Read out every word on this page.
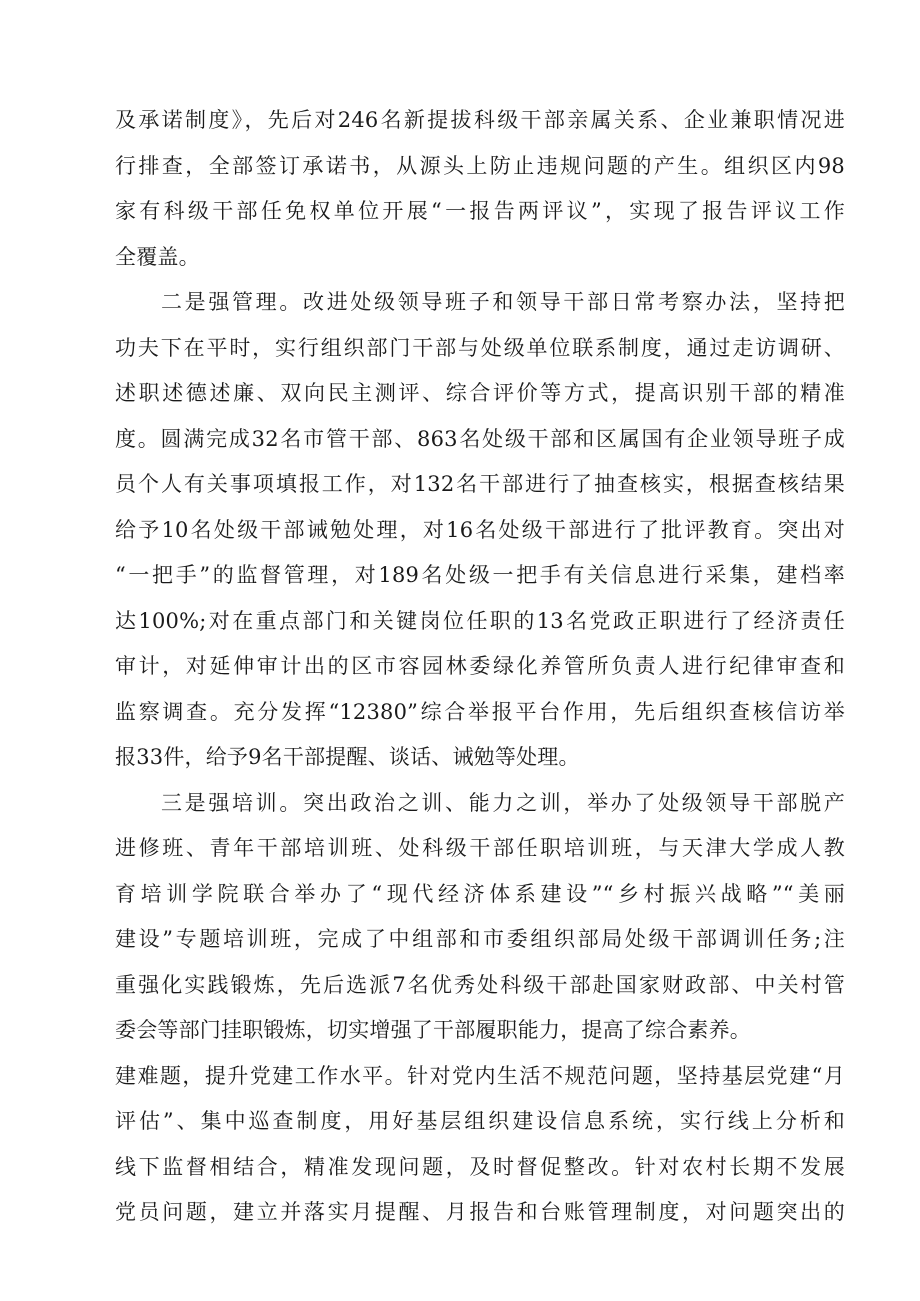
及承诺制度》，先后对246名新提拔科级干部亲属关系、企业兼职情况进
行排查，全部签订承诺书，从源头上防止违规问题的产生。组织区内98
家有科级干部任免权单位开展“一报告两评议”，实现了报告评议工作
全覆盖。
二是强管理。改进处级领导班子和领导干部日常考察办法，坚持把
功夫下在平时，实行组织部门干部与处级单位联系制度，通过走访调研、
述职述德述廉、双向民主测评、综合评价等方式，提高识别干部的精准
度。圆满完成32名市管干部、863名处级干部和区属国有企业领导班子成
员个人有关事项填报工作，对132名干部进行了抽查核实，根据查核结果
给予10名处级干部诫勉处理，对16名处级干部进行了批评教育。突出对
“一把手”的监督管理，对189名处级一把手有关信息进行采集，建档率
达100%;对在重点部门和关键岗位任职的13名党政正职进行了经济责任
审计，对延伸审计出的区市容园林委绿化养管所负责人进行纪律审查和
监察调查。充分发挥“12380”综合举报平台作用，先后组织查核信访举
报33件，给予9名干部提醒、谈话、诫勉等处理。
三是强培训。突出政治之训、能力之训，举办了处级领导干部脱产
进修班、青年干部培训班、处科级干部任职培训班，与天津大学成人教
育培训学院联合举办了“现代经济体系建设”“乡村振兴战略”“美丽
建设”专题培训班，完成了中组部和市委组织部局处级干部调训任务;注
重强化实践锻炼，先后选派7名优秀处科级干部赴国家财政部、中关村管
委会等部门挂职锻炼，切实增强了干部履职能力，提高了综合素养。
建难题，提升党建工作水平。针对党内生活不规范问题，坚持基层党建“月
评估”、集中巡查制度，用好基层组织建设信息系统，实行线上分析和
线下监督相结合，精准发现问题，及时督促整改。针对农村长期不发展
党员问题，建立并落实月提醒、月报告和台账管理制度，对问题突出的
